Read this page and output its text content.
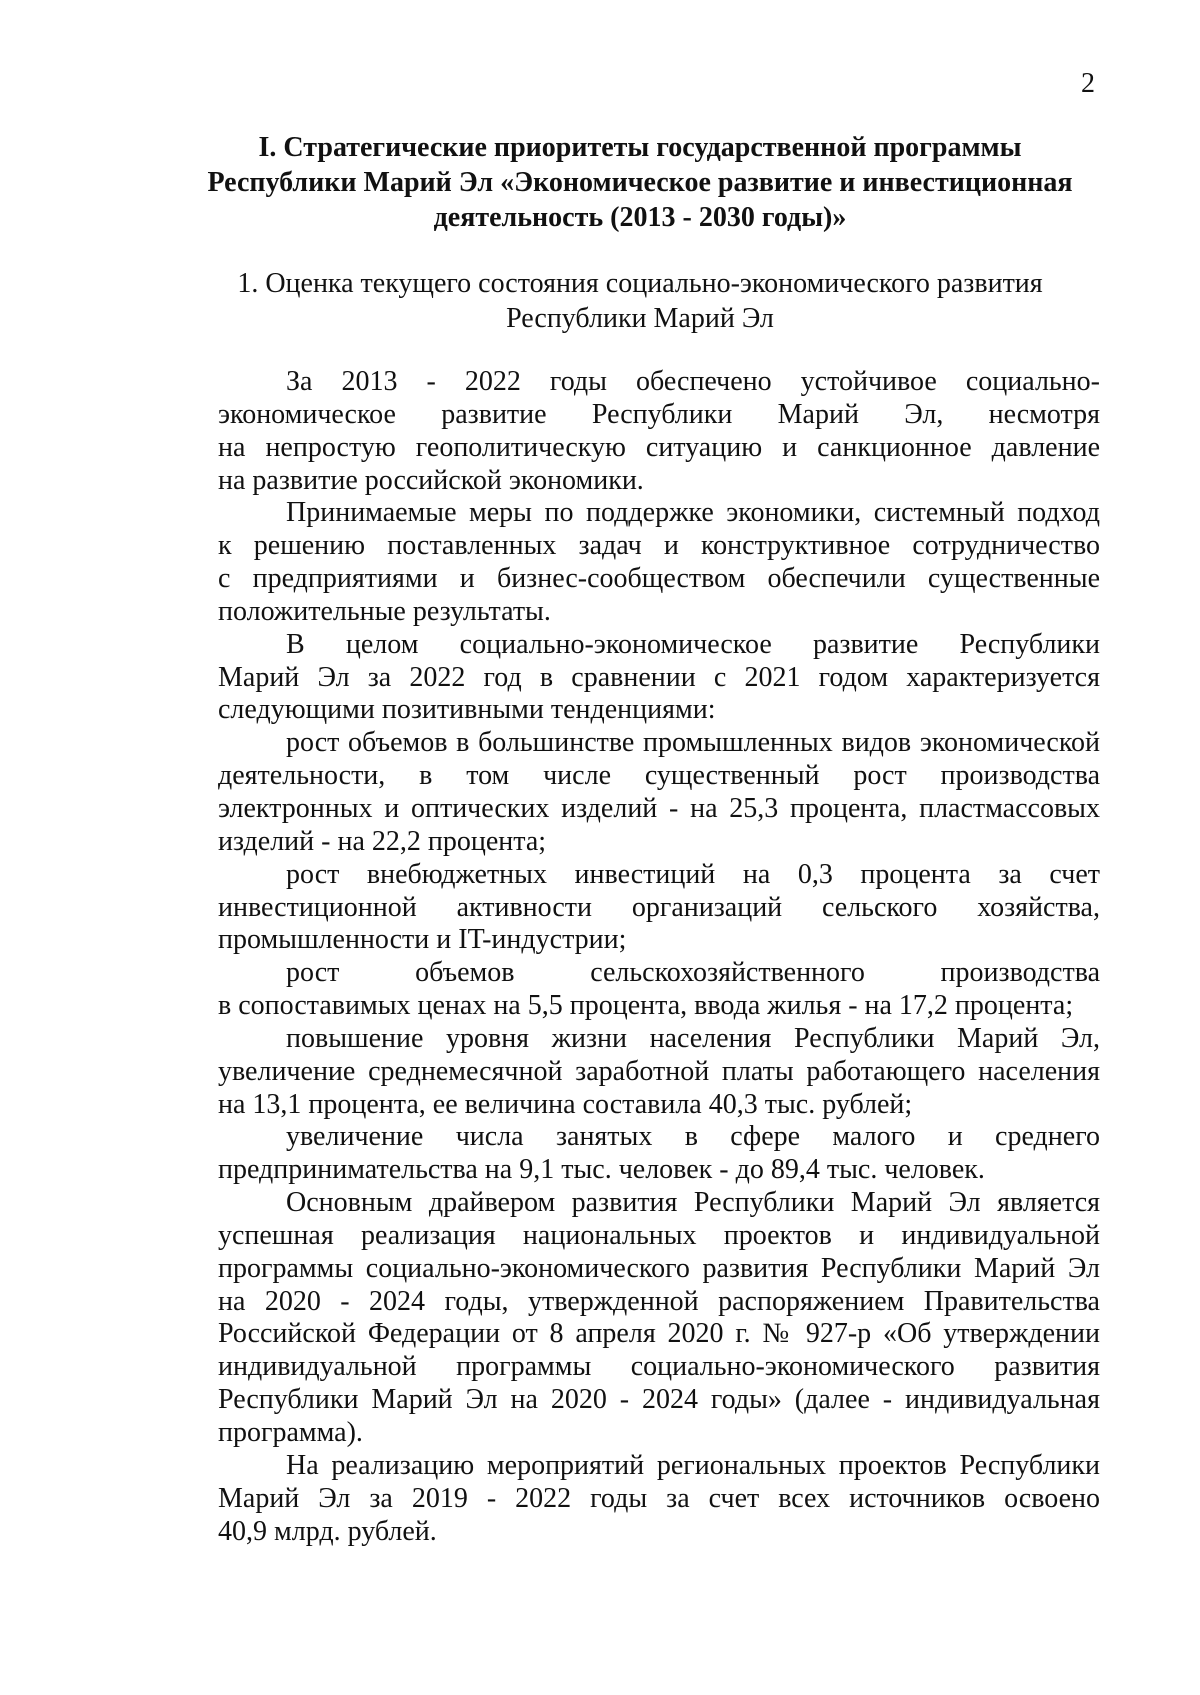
2
I. Стратегические приоритеты государственной программы
Республики Марий Эл «Экономическое развитие и инвестиционная
деятельность (2013 - 2030 годы)»
1. Оценка текущего состояния социально-экономического развития
Республики Марий Эл
За 2013 - 2022 годы обеспечено устойчивое социально-
экономическое развитие Республики Марий Эл, несмотря
на непростую геополитическую ситуацию и санкционное давление
на развитие российской экономики.
Принимаемые меры по поддержке экономики, системный подход
к решению поставленных задач и конструктивное сотрудничество
с предприятиями и бизнес-сообществом обеспечили существенные
положительные результаты.
В целом социально-экономическое развитие Республики
Марий Эл за 2022 год в сравнении с 2021 годом характеризуется
следующими позитивными тенденциями:
рост объемов в большинстве промышленных видов экономической
деятельности, в том числе существенный рост производства
электронных и оптических изделий - на 25,3 процента, пластмассовых
изделий - на 22,2 процента;
рост внебюджетных инвестиций на 0,3 процента за счет
инвестиционной активности организаций сельского хозяйства,
промышленности и IT-индустрии;
рост объемов сельскохозяйственного производства
в сопоставимых ценах на 5,5 процента, ввода жилья - на 17,2 процента;
повышение уровня жизни населения Республики Марий Эл,
увеличение среднемесячной заработной платы работающего населения
на 13,1 процента, ее величина составила 40,3 тыс. рублей;
увеличение числа занятых в сфере малого и среднего
предпринимательства на 9,1 тыс. человек - до 89,4 тыс. человек.
Основным драйвером развития Республики Марий Эл является
успешная реализация национальных проектов и индивидуальной
программы социально-экономического развития Республики Марий Эл
на 2020 - 2024 годы, утвержденной распоряжением Правительства
Российской Федерации от 8 апреля 2020 г. № 927-р «Об утверждении
индивидуальной программы социально-экономического развития
Республики Марий Эл на 2020 - 2024 годы» (далее - индивидуальная
программа).
На реализацию мероприятий региональных проектов Республики
Марий Эл за 2019 - 2022 годы за счет всех источников освоено
40,9 млрд. рублей.
